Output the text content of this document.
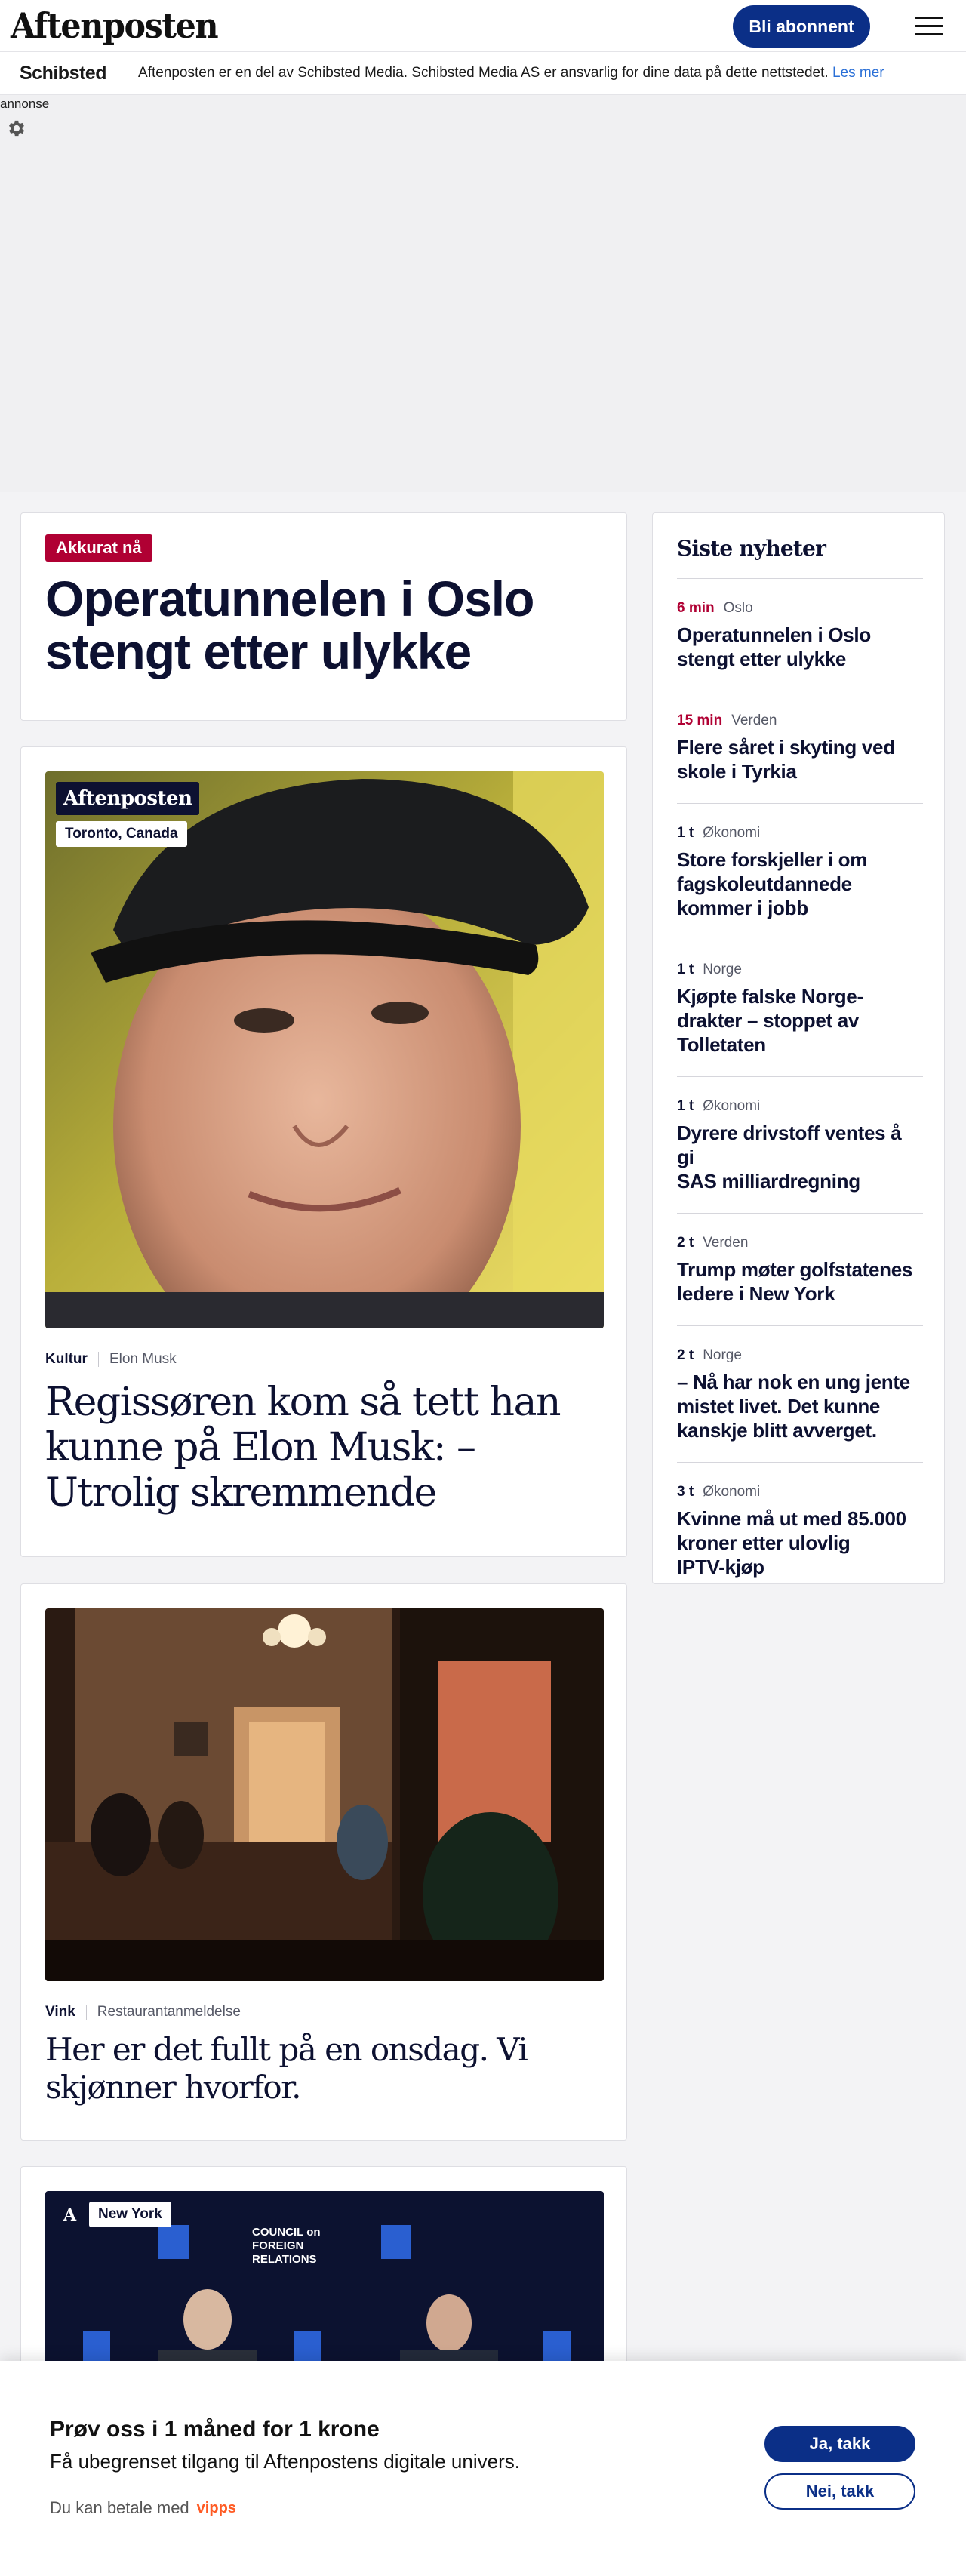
Aftenposten	Bli abonnent
Schibsted Aftenposten er en del av Schibsted Media. Schibsted Media AS er ansvarlig for dine data på dette nettstedet. Les mer
annonse
Akkurat nå
Operatunnelen i Oslo stengt etter ulykke
Aftenposten
Toronto, Canada
Kultur Elon Musk
Regissøren kom så tett han kunne på Elon Musk: – Utrolig skremmende
Vink Restaurantanmeldelse
Her er det fullt på en onsdag. Vi skjønner hvorfor.
A	New York
COUNCIL on
FOREIGN
RELATIONS
Siste nyheter
6 min Oslo
Operatunnelen i Oslo
stengt etter ulykke
15 min Verden
Flere såret i skyting ved
skole i Tyrkia
1 t Økonomi
Store forskjeller i om
fagskoleutdannede
kommer i jobb
1 t Norge
Kjøpte falske Norge-
drakter – stoppet av
Tolletaten
1 t Økonomi
Dyrere drivstoff ventes å gi
SAS milliardregning
2 t Verden
Trump møter golfstatenes
ledere i New York
2 t Norge
– Nå har nok en ung jente
mistet livet. Det kunne
kanskje blitt avverget.
3 t Økonomi
Kvinne må ut med 85.000
kroner etter ulovlig
IPTV-kjøp
Prøv oss i 1 måned for 1 krone
Få ubegrenset tilgang til Aftenpostens digitale univers.
Du kan betale med vipps
Ja, takk
Nei, takk
